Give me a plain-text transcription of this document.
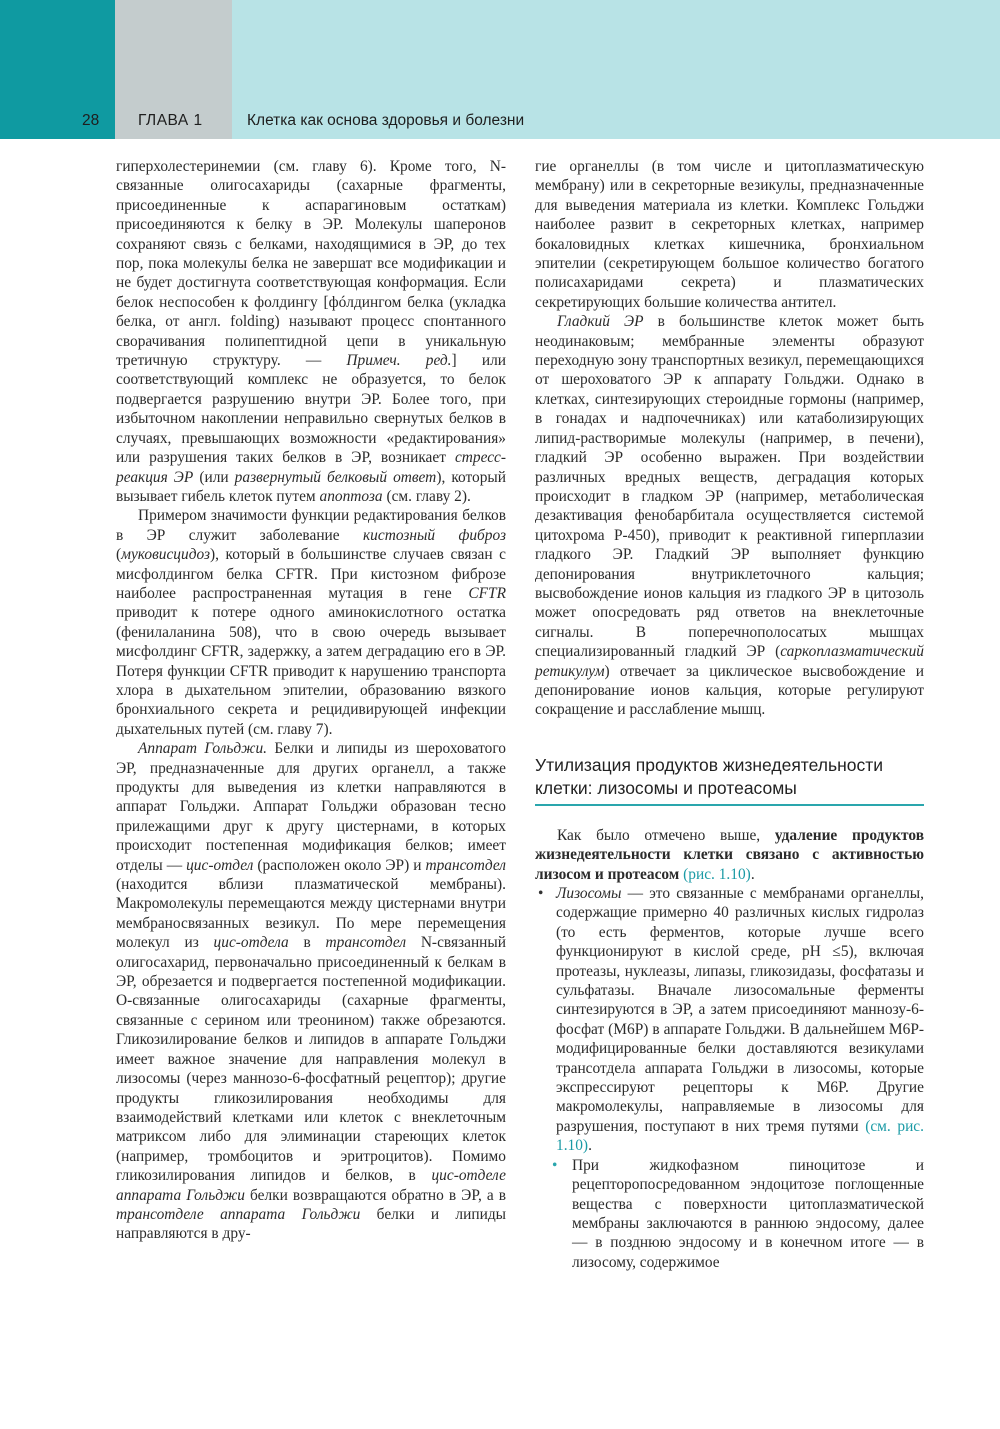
28	ГЛАВА 1	Клетка как основа здоровья и болезни

гиперхолестеринемии (см. главу 6). Кроме того, N-связанные олигосахариды (сахарные фрагменты, присоединенные к аспарагиновым остаткам) присоединяются к белку в ЭР. Молекулы шаперонов сохраняют связь с белками, находящимися в ЭР, до тех пор, пока молекулы белка не завершат все модификации и не будет достигнута соответствующая конформация. Если белок неспособен к фолдингу [фóлдингом белка (укладка белка, от англ. folding) называют процесс спонтанного сворачивания полипептидной цепи в уникальную третичную структуру. — Примеч. ред.] или соответствующий комплекс не образуется, то белок подвергается разрушению внутри ЭР. Более того, при избыточном накоплении неправильно свернутых белков в случаях, превышающих возможности «редактирования» или разрушения таких белков в ЭР, возникает стресс-реакция ЭР (или развернутый белковый ответ), который вызывает гибель клеток путем апоптоза (см. главу 2).

Примером значимости функции редактирования белков в ЭР служит заболевание кистозный фиброз (муковисцидоз), который в большинстве случаев связан с мисфолдингом белка CFTR. При кистозном фиброзе наиболее распространенная мутация в гене CFTR приводит к потере одного аминокислотного остатка (фенилаланина 508), что в свою очередь вызывает мисфолдинг CFTR, задержку, а затем деградацию его в ЭР. Потеря функции CFTR приводит к нарушению транспорта хлора в дыхательном эпителии, образованию вязкого бронхиального секрета и рецидивирующей инфекции дыхательных путей (см. главу 7).

Аппарат Гольджи. Белки и липиды из шероховатого ЭР, предназначенные для других органелл, а также продукты для выведения из клетки направляются в аппарат Гольджи. Аппарат Гольджи образован тесно прилежащими друг к другу цистернами, в которых происходит постепенная модификация белков; имеет отделы — цис-отдел (расположен около ЭР) и трансотдел (находится вблизи плазматической мембраны). Макромолекулы перемещаются между цистернами внутри мембраносвязанных везикул. По мере перемещения молекул из цис-отдела в трансотдел N-связанный олигосахарид, первоначально присоединенный к белкам в ЭР, обрезается и подвергается постепенной модификации. O-связанные олигосахариды (сахарные фрагменты, связанные с серином или треонином) также обрезаются. Гликозилирование белков и липидов в аппарате Гольджи имеет важное значение для направления молекул в лизосомы (через маннозо-6-фосфатный рецептор); другие продукты гликозилирования необходимы для взаимодействий клетками или клеток с внеклеточным матриксом либо для элиминации стареющих клеток (например, тромбоцитов и эритроцитов). Помимо гликозилирования липидов и белков, в цис-отделе аппарата Гольджи белки возвращаются обратно в ЭР, а в трансотделе аппарата Гольджи белки и липиды направляются в дру-

гие органеллы (в том числе и цитоплазматическую мембрану) или в секреторные везикулы, предназначенные для выведения материала из клетки. Комплекс Гольджи наиболее развит в секреторных клетках, например бокаловидных клетках кишечника, бронхиальном эпителии (секретирующем большое количество богатого полисахаридами секрета) и плазматических секретирующих большие количества антител.

Гладкий ЭР в большинстве клеток может быть неодинаковым; мембранные элементы образуют переходную зону транспортных везикул, перемещающихся от шероховатого ЭР к аппарату Гольджи. Однако в клетках, синтезирующих стероидные гормоны (например, в гонадах и надпочечниках) или катаболизирующих липид-растворимые молекулы (например, в печени), гладкий ЭР особенно выражен. При воздействии различных вредных веществ, деградация которых происходит в гладком ЭР (например, метаболическая дезактивация фенобарбитала осуществляется системой цитохрома Р-450), приводит к реактивной гиперплазии гладкого ЭР. Гладкий ЭР выполняет функцию депонирования внутриклеточного кальция; высвобождение ионов кальция из гладкого ЭР в цитозоль может опосредовать ряд ответов на внеклеточные сигналы. В поперечнополосатых мышцах специализированный гладкий ЭР (саркоплазматический ретикулум) отвечает за циклическое высвобождение и депонирование ионов кальция, которые регулируют сокращение и расслабление мышц.

Утилизация продуктов жизнедеятельности клетки: лизосомы и протеасомы

Как было отмечено выше, удаление продуктов жизнедеятельности клетки связано с активностью лизосом и протеасом (рис. 1.10).

• Лизосомы — это связанные с мембранами органеллы, содержащие примерно 40 различных кислых гидролаз (то есть ферментов, которые лучше всего функционируют в кислой среде, pH ≤5), включая протеазы, нуклеазы, липазы, гликозидазы, фосфатазы и сульфатазы. Вначале лизосомальные ферменты синтезируются в ЭР, а затем присоединяют маннозу-6-фосфат (M6P) в аппарате Гольджи. В дальнейшем M6P-модифицированные белки доставляются везикулами трансотдела аппарата Гольджи в лизосомы, которые экспрессируют рецепторы к M6P. Другие макромолекулы, направляемые в лизосомы для разрушения, поступают в них тремя путями (см. рис. 1.10).
• При жидкофазном пиноцитозе и рецепторопосредованном эндоцитозе поглощенные вещества с поверхности цитоплазматической мембраны заключаются в раннюю эндосому, далее — в позднюю эндосому и в конечном итоге — в лизосому, содержимое
